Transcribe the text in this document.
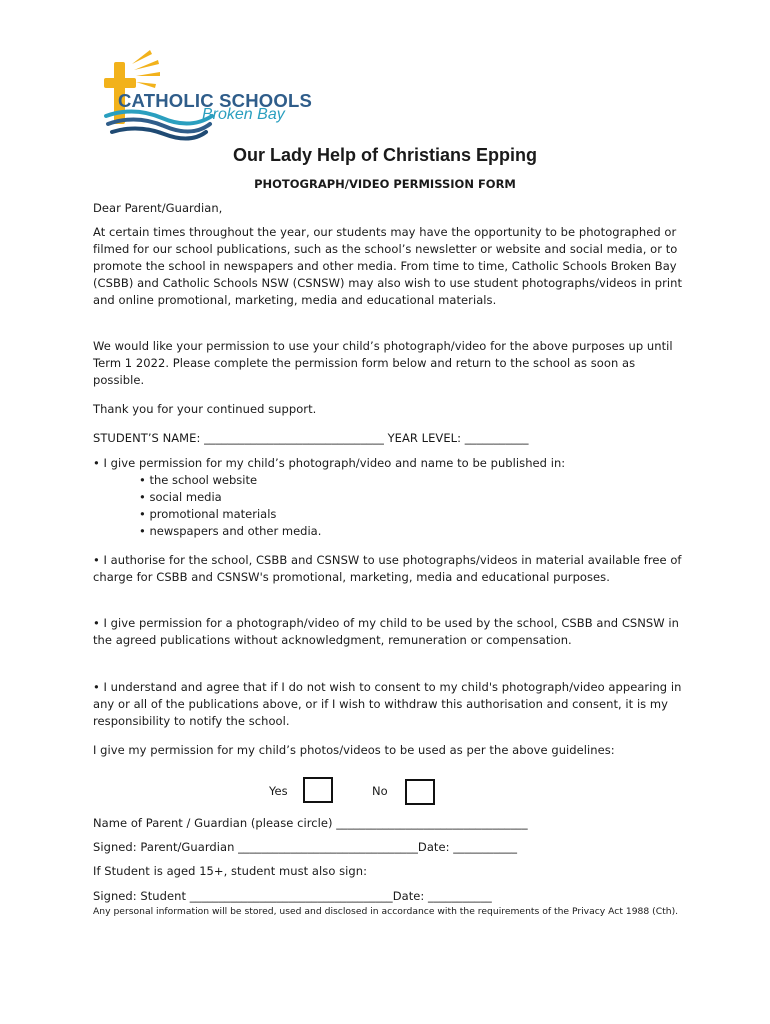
CATHOLIC SCHOOLS
Broken Bay
Our Lady Help of Christians Epping
PHOTOGRAPH/VIDEO PERMISSION FORM
Dear Parent/Guardian,
At certain times throughout the year, our students may have the opportunity to be photographed or filmed for our school publications, such as the school’s newsletter or website and social media, or to promote the school in newspapers and other media. From time to time, Catholic Schools Broken Bay (CSBB) and Catholic Schools NSW (CSNSW) may also wish to use student photographs/videos in print and online promotional, marketing, media and educational materials.
We would like your permission to use your child’s photograph/video for the above purposes up until Term 1 2022. Please complete the permission form below and return to the school as soon as possible.
Thank you for your continued support.
STUDENT’S NAME: _______________________________ YEAR LEVEL: ___________
• I give permission for my child’s photograph/video and name to be published in:
• the school website
• social media
• promotional materials
• newspapers and other media.
• I authorise for the school, CSBB and CSNSW to use photographs/videos in material available free of charge for CSBB and CSNSW's promotional, marketing, media and educational purposes.
• I give permission for a photograph/video of my child to be used by the school, CSBB and CSNSW in the agreed publications without acknowledgment, remuneration or compensation.
• I understand and agree that if I do not wish to consent to my child's photograph/video appearing in any or all of the publications above, or if I wish to withdraw this authorisation and consent, it is my responsibility to notify the school.
I give my permission for my child’s photos/videos to be used as per the above guidelines:
Yes	No
Name of Parent / Guardian (please circle) _________________________________
Signed: Parent/Guardian _______________________________Date: ___________
If Student is aged 15+, student must also sign:
Signed: Student ___________________________________Date: ___________
Any personal information will be stored, used and disclosed in accordance with the requirements of the Privacy Act 1988 (Cth).
